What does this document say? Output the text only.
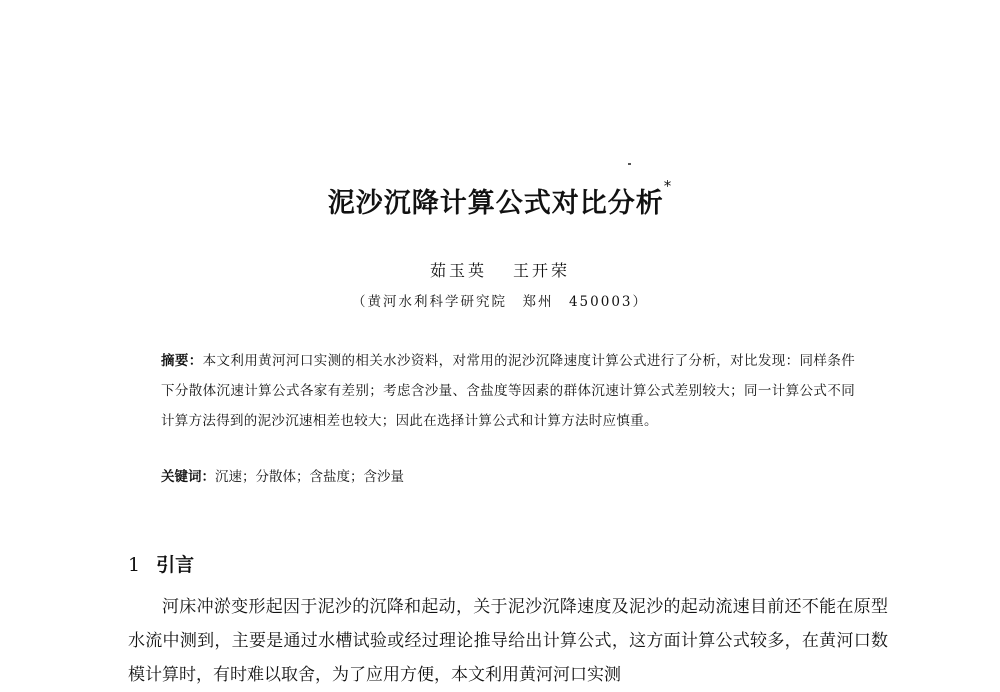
泥沙沉降计算公式对比分析*
茹玉英 王开荣
（黄河水利科学研究院　郑州　450003）
摘要：本文利用黄河河口实测的相关水沙资料，对常用的泥沙沉降速度计算公式进行了分析，对比发现：同样条件下分散体沉速计算公式各家有差别；考虑含沙量、含盐度等因素的群体沉速计算公式差别较大；同一计算公式不同计算方法得到的泥沙沉速相差也较大；因此在选择计算公式和计算方法时应慎重。
关键词：沉速；分散体；含盐度；含沙量
1 引言
河床冲淤变形起因于泥沙的沉降和起动，关于泥沙沉降速度及泥沙的起动流速目前还不能在原型水流中测到，主要是通过水槽试验或经过理论推导给出计算公式，这方面计算公式较多，在黄河口数模计算时，有时难以取舍，为了应用方便，本文利用黄河河口实测
